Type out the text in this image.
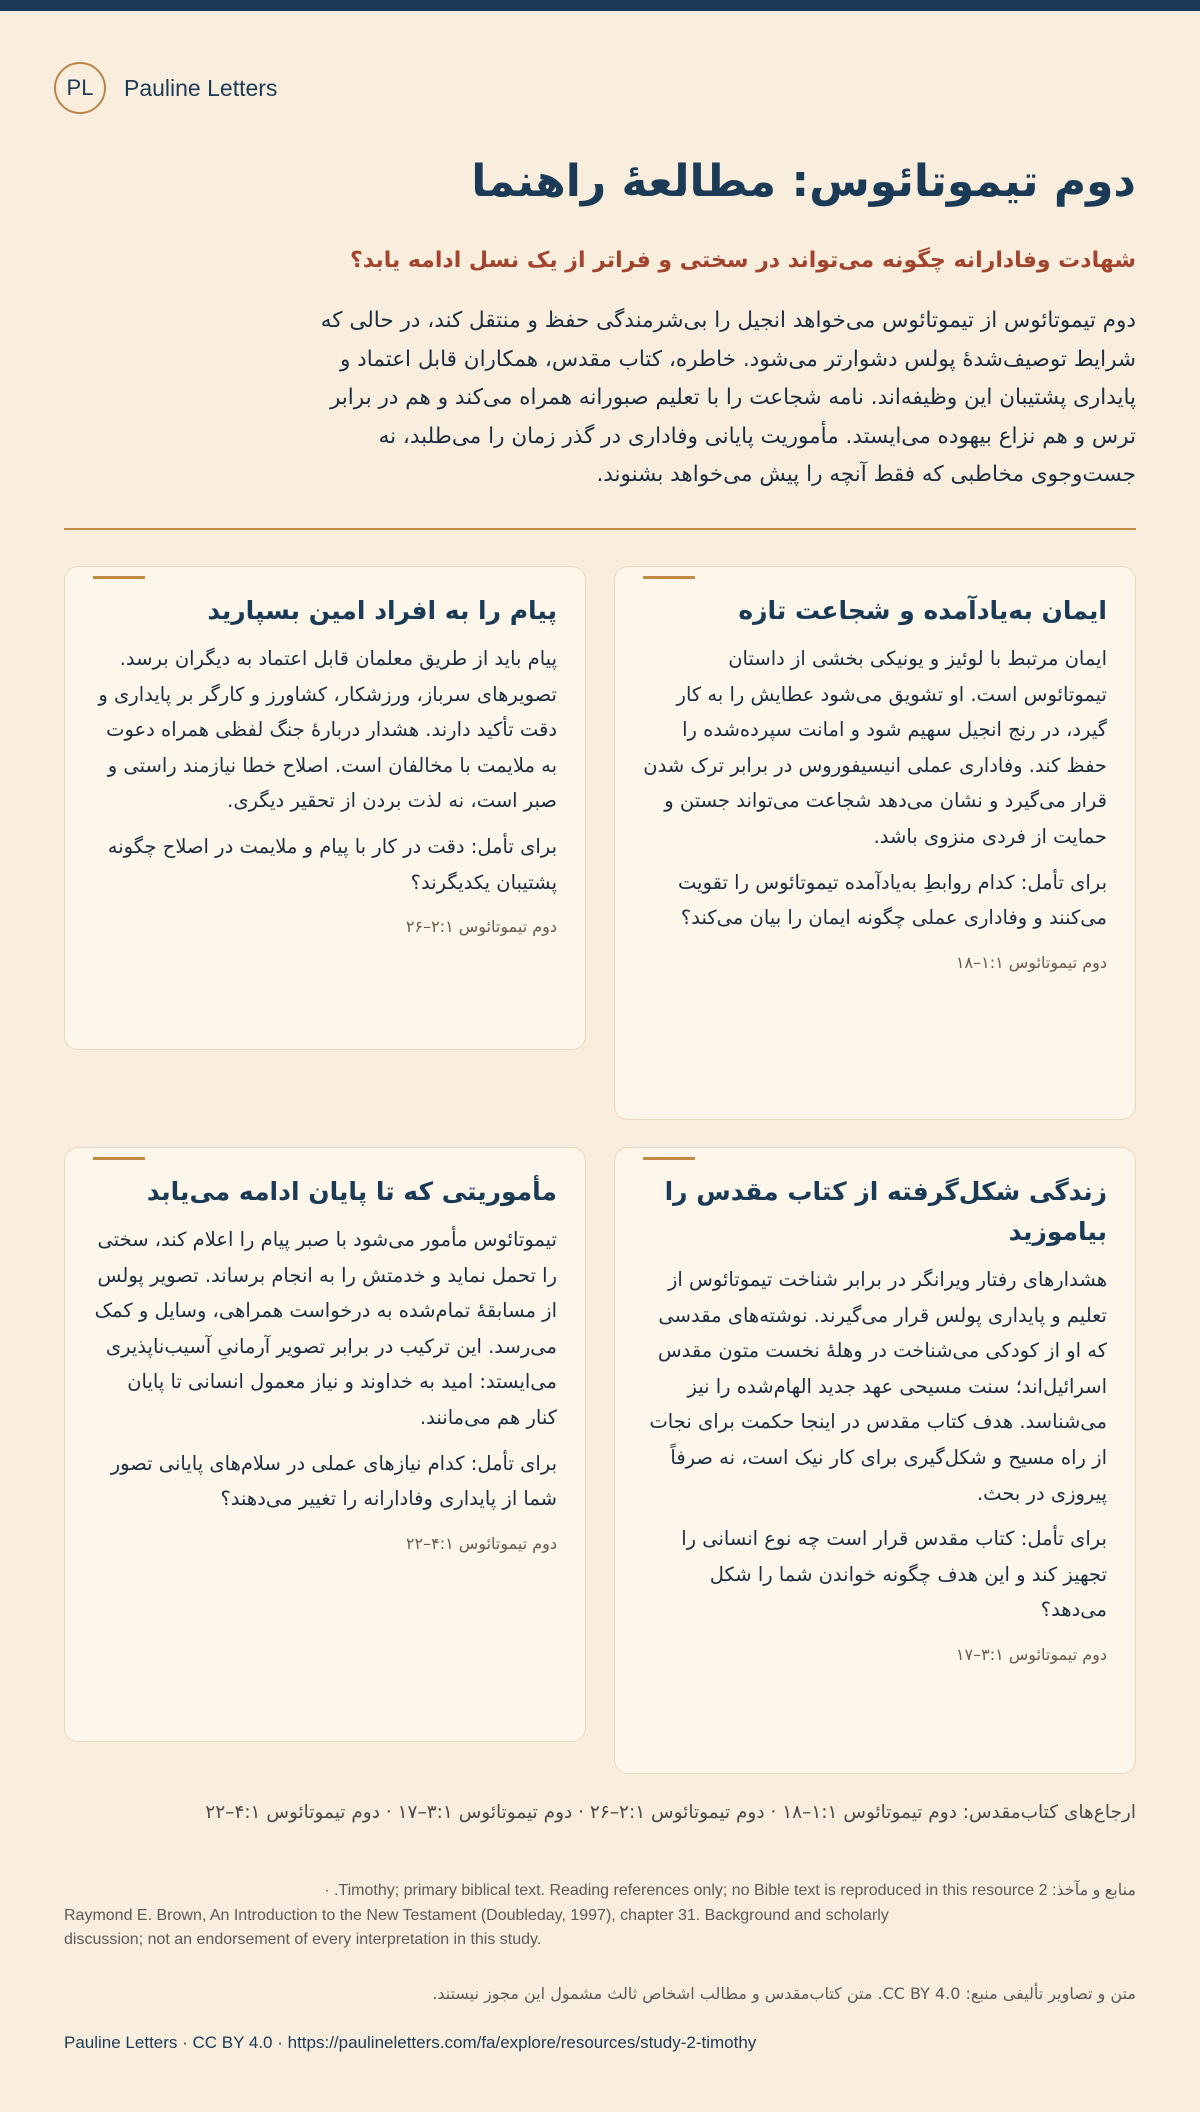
PL	Pauline Letters
دوم تیموتائوس: مطالعهٔ راهنما
شهادت وفادارانه چگونه می‌تواند در سختی و فراتر از یک نسل ادامه یابد؟

دوم تیموتائوس از تیموتائوس می‌خواهد انجیل را بی‌شرمندگی حفظ و منتقل کند، در حالی که شرایط توصیف‌شدهٔ پولس دشوارتر می‌شود. خاطره، کتاب مقدس، همکاران قابل اعتماد و پایداری پشتیبان این وظیفه‌اند. نامه شجاعت را با تعلیم صبورانه همراه می‌کند و هم در برابر ترس و هم نزاع بیهوده می‌ایستد. مأموریت پایانی وفاداری در گذر زمان را می‌طلبد، نه جست‌وجوی مخاطبی که فقط آنچه را پیش می‌خواهد بشنوند.

ایمان به‌یادآمده و شجاعت تازه

ایمان مرتبط با لوئیز و یونیکی بخشی از داستان تیموتائوس است. او تشویق می‌شود عطایش را به کار گیرد، در رنج انجیل سهیم شود و امانت سپرده‌شده را حفظ کند. وفاداری عملی انیسیفوروس در برابر ترک شدن قرار می‌گیرد و نشان می‌دهد شجاعت می‌تواند جستن و حمایت از فردی منزوی باشد.

برای تأمل: کدام روابطِ به‌یادآمده تیموتائوس را تقویت می‌کنند و وفاداری عملی چگونه ایمان را بیان می‌کند؟

دوم تیموتائوس ۱:۱–۱۸

پیام را به افراد امین بسپارید

پیام باید از طریق معلمان قابل اعتماد به دیگران برسد. تصویرهای سرباز، ورزشکار، کشاورز و کارگر بر پایداری و دقت تأکید دارند. هشدار دربارهٔ جنگ لفظی همراه دعوت به ملایمت با مخالفان است. اصلاح خطا نیازمند راستی و صبر است، نه لذت بردن از تحقیر دیگری.

برای تأمل: دقت در کار با پیام و ملایمت در اصلاح چگونه پشتیبان یکدیگرند؟

دوم تیموتائوس ۲:۱–۲۶

زندگی شکل‌گرفته از کتاب مقدس را بیاموزید

هشدارهای رفتار ویرانگر در برابر شناخت تیموتائوس از تعلیم و پایداری پولس قرار می‌گیرند. نوشته‌های مقدسی که او از کودکی می‌شناخت در وهلهٔ نخست متون مقدس اسرائیل‌اند؛ سنت مسیحی عهد جدید الهام‌شده را نیز می‌شناسد. هدف کتاب مقدس در اینجا حکمت برای نجات از راه مسیح و شکل‌گیری برای کار نیک است، نه صرفاً پیروزی در بحث.

برای تأمل: کتاب مقدس قرار است چه نوع انسانی را تجهیز کند و این هدف چگونه خواندن شما را شکل می‌دهد؟

دوم تیموتائوس ۳:۱–۱۷

مأموریتی که تا پایان ادامه می‌یابد

تیموتائوس مأمور می‌شود با صبر پیام را اعلام کند، سختی را تحمل نماید و خدمتش را به انجام برساند. تصویر پولس از مسابقهٔ تمام‌شده به درخواست همراهی، وسایل و کمک می‌رسد. این ترکیب در برابر تصویر آرمانیِ آسیب‌ناپذیری می‌ایستد: امید به خداوند و نیاز معمول انسانی تا پایان کنار هم می‌مانند.

برای تأمل: کدام نیازهای عملی در سلام‌های پایانی تصور شما از پایداری وفادارانه را تغییر می‌دهند؟

دوم تیموتائوس ۴:۱–۲۲

ارجاع‌های کتاب‌مقدس: دوم تیموتائوس ۱:۱–۱۸ · دوم تیموتائوس ۲:۱–۲۶ · دوم تیموتائوس ۳:۱–۱۷ · دوم تیموتائوس ۴:۱–۲۲

منابع و مآخذ: 2 Timothy; primary biblical text. Reading references only; no Bible text is reproduced in this resource. ·
Raymond E. Brown, An Introduction to the New Testament (Doubleday, 1997), chapter 31. Background and scholarly discussion; not an endorsement of every interpretation in this study.

متن و تصاویر تألیفی منبع: CC BY 4.0. متن کتاب‌مقدس و مطالب اشخاص ثالث مشمول این مجوز نیستند.

Pauline Letters · CC BY 4.0 · https://paulineletters.com/fa/explore/resources/study-2-timothy
